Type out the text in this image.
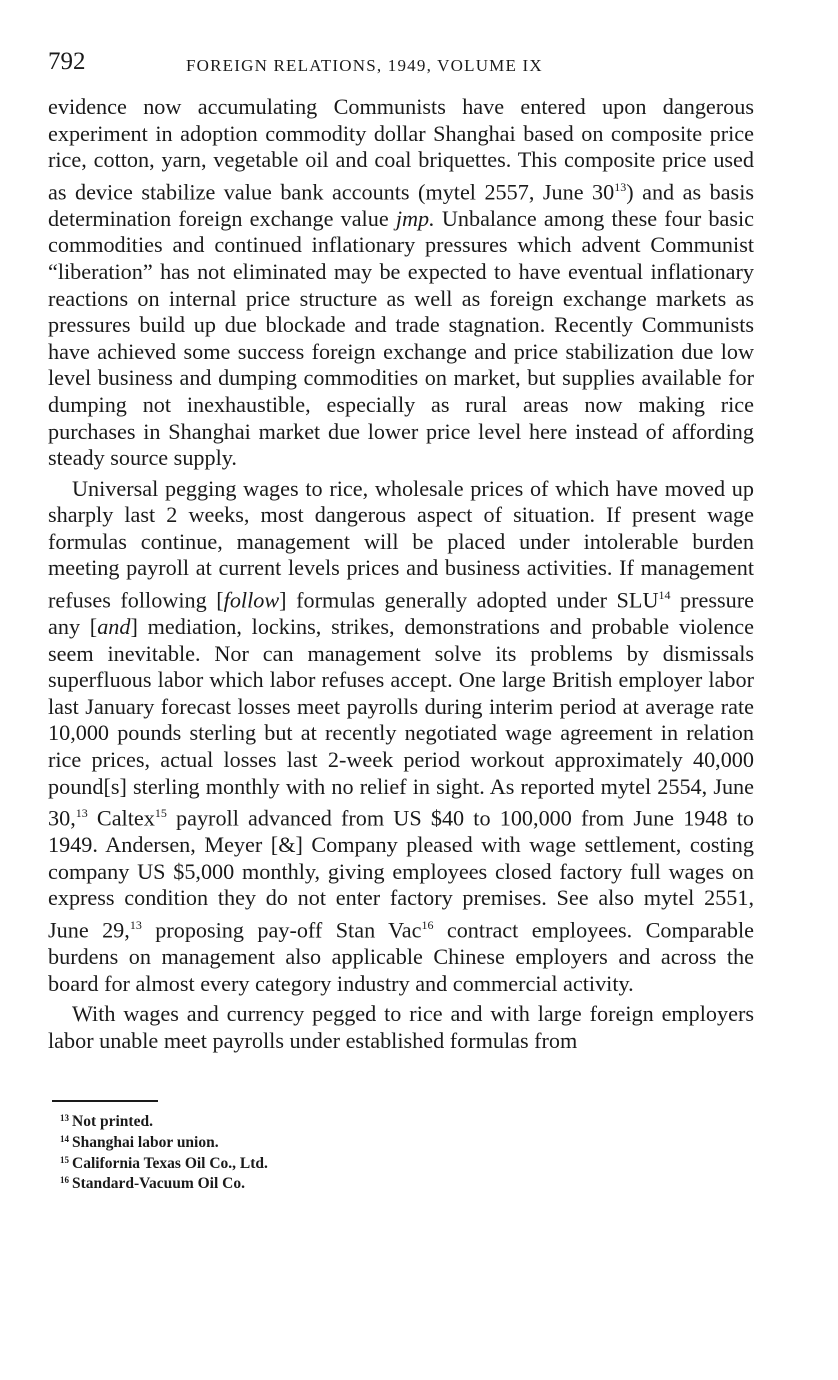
792	FOREIGN RELATIONS, 1949, VOLUME IX

evidence now accumulating Communists have entered upon dangerous experiment in adoption commodity dollar Shanghai based on composite price rice, cotton, yarn, vegetable oil and coal briquettes. This composite price used as device stabilize value bank accounts (mytel 2557, June $30^{13}$) and as basis determination foreign exchange value jmp. Unbalance among these four basic commodities and continued inflationary pressures which advent Communist “liberation” has not eliminated may be expected to have eventual inflationary reactions on internal price structure as well as foreign exchange markets as pressures build up due blockade and trade stagnation. Recently Communists have achieved some success foreign exchange and price stabilization due low level business and dumping commodities on market, but supplies available for dumping not inexhaustible, especially as rural areas now making rice purchases in Shanghai market due lower price level here instead of affording steady source supply.

Universal pegging wages to rice, wholesale prices of which have moved up sharply last 2 weeks, most dangerous aspect of situation. If present wage formulas continue, management will be placed under intolerable burden meeting payroll at current levels prices and business activities. If management refuses following [follow] formulas generally adopted under SLU$^{14}$ pressure any [and] mediation, lockins, strikes, demonstrations and probable violence seem inevitable. Nor can management solve its problems by dismissals superfluous labor which labor refuses accept. One large British employer labor last January forecast losses meet payrolls during interim period at average rate 10,000 pounds sterling but at recently negotiated wage agreement in relation rice prices, actual losses last 2-week period workout approximately 40,000 pound[s] sterling monthly with no relief in sight. As reported mytel 2554, June 30,13 Caltex$^{15}$ payroll advanced from US $40 to 100,000 from June 1948 to 1949. Andersen, Meyer [&] Company pleased with wage settlement, costing company US $5,000 monthly, giving employees closed factory full wages on express condition they do not enter factory premises. See also mytel 2551, June 29,13 proposing pay-off Stan Vac$^{16}$ contract employees. Comparable burdens on management also applicable Chinese employers and across the board for almost every category industry and commercial activity.

With wages and currency pegged to rice and with large foreign employers labor unable meet payrolls under established formulas from

$^{13}$ Not printed.
$^{14}$ Shanghai labor union.
$^{15}$ California Texas Oil Co., Ltd.
$^{16}$ Standard-Vacuum Oil Co.
